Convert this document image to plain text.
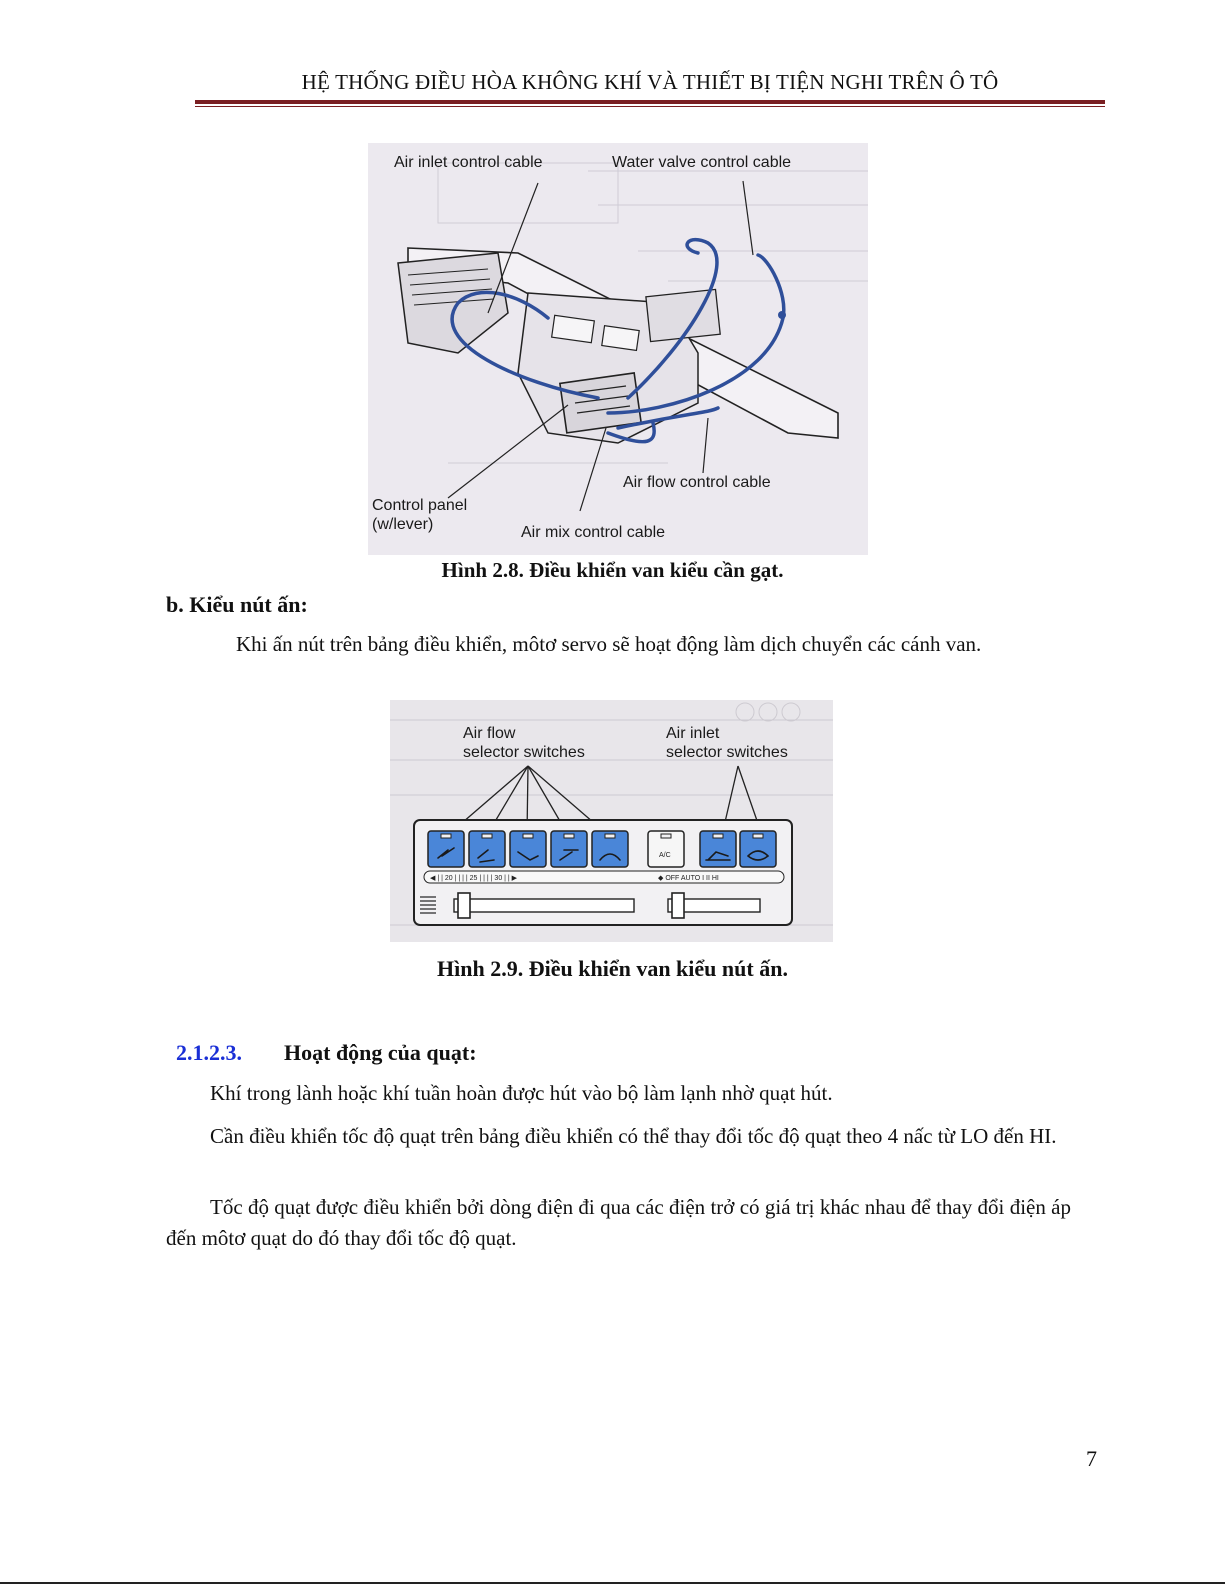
HỆ THỐNG ĐIỀU HÒA KHÔNG KHÍ VÀ THIẾT BỊ TIỆN NGHI TRÊN Ô TÔ
Air inlet control cable	Water valve control cable
Air flow control cable
Control panel
(w/lever)	Air mix control cable
Hình 2.8. Điều khiển van kiểu cần gạt.
b. Kiểu nút ấn:
Khi ấn nút trên bảng điều khiển, môtơ servo sẽ hoạt động làm dịch chuyển các cánh van.
Air flow
selector switches
Air inlet
selector switches
A/C
◀ | | 20 | | | | 25 | | | | 30 | | ▶	◆ OFF AUTO I II HI
Hình 2.9. Điều khiển van kiểu nút ấn.
2.1.2.3. Hoạt động của quạt:
Khí trong lành hoặc khí tuần hoàn được hút vào bộ làm lạnh nhờ quạt hút.
Cần điều khiển tốc độ quạt trên bảng điều khiển có thể thay đổi tốc độ quạt theo 4 nấc từ LO đến HI.
Tốc độ quạt được điều khiển bởi dòng điện đi qua các điện trở có giá trị khác nhau để thay đổi điện áp đến môtơ quạt do đó thay đổi tốc độ quạt.
7
